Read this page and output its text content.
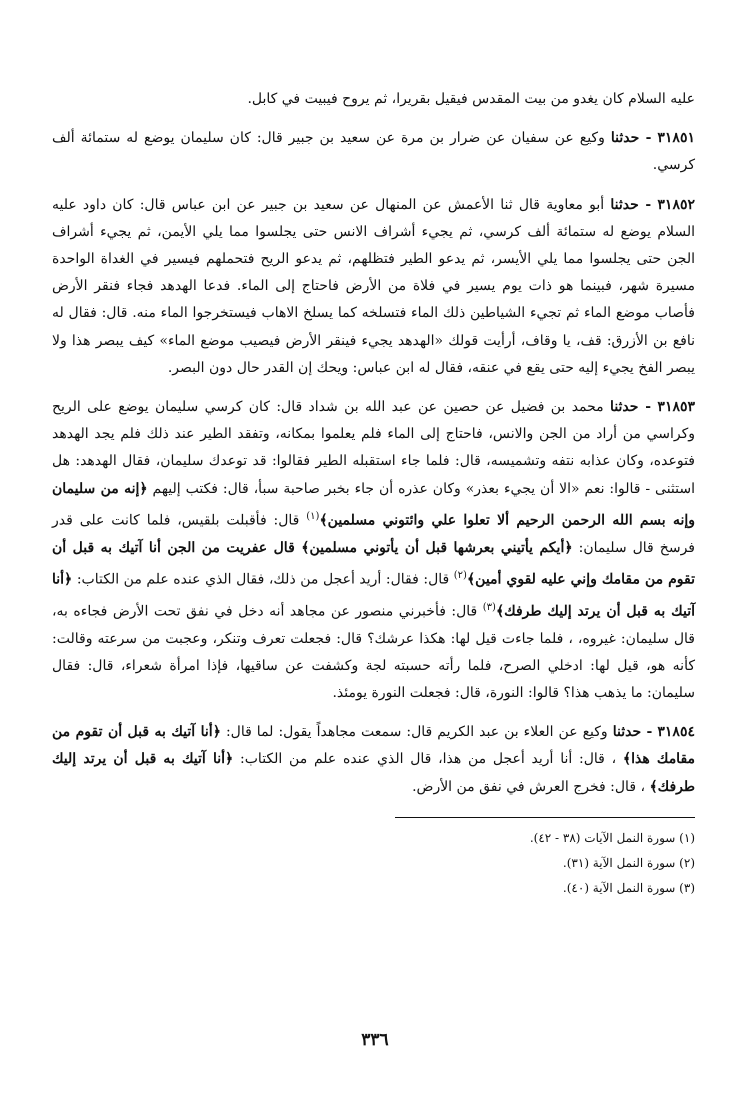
عليه السلام كان يغدو من بيت المقدس فيقيل بقريرا، ثم يروح فيبيت في كابل.

٣١٨٥١ - حدثنا وكيع عن سفيان عن ضرار بن مرة عن سعيد بن جبير قال: كان سليمان يوضع له ستمائة ألف كرسي.

٣١٨٥٢ - حدثنا أبو معاوية قال ثنا الأعمش عن المنهال عن سعيد بن جبير عن ابن عباس قال: كان داود عليه السلام يوضع له ستمائة ألف كرسي، ثم يجيء أشراف الانس حتى يجلسوا مما يلي الأيمن، ثم يجيء أشراف الجن حتى يجلسوا مما يلي الأيسر، ثم يدعو الطير فتظلهم، ثم يدعو الريح فتحملهم فيسير في الغداة الواحدة مسيرة شهر، فبينما هو ذات يوم يسير في فلاة من الأرض فاحتاج إلى الماء. فدعا الهدهد فجاء فنقر الأرض فأصاب موضع الماء ثم تجيء الشياطين ذلك الماء فتسلخه كما يسلخ الاهاب فيستخرجوا الماء منه. قال: فقال له نافع بن الأزرق: قف، يا وقاف، أرأيت قولك «الهدهد يجيء فينقر الأرض فيصيب موضع الماء» كيف يبصر هذا ولا يبصر الفخ يجيء إليه حتى يقع في عنقه، فقال له ابن عباس: ويحك إن القدر حال دون البصر.

٣١٨٥٣ - حدثنا محمد بن فضيل عن حصين عن عبد الله بن شداد قال: كان كرسي سليمان يوضع على الريح وكراسي من أراد من الجن والانس، فاحتاج إلى الماء فلم يعلموا بمكانه، وتفقد الطير عند ذلك فلم يجد الهدهد فتوعده، وكان عذابه نتفه وتشميسه، قال: فلما جاء استقبله الطير فقالوا: قد توعدك سليمان، فقال الهدهد: هل استثنى - قالوا: نعم «الا أن يجيء بعذر» وكان عذره أن جاء بخبر صاحبة سبأ، قال: فكتب إليهم ﴿إنه من سليمان وإنه بسم الله الرحمن الرحيم ألا تعلوا علي وائتوني مسلمين﴾$^{(١)}$ قال: فأقبلت بلقيس، فلما كانت على قدر فرسخ قال سليمان: ﴿أيكم يأتيني بعرشها قبل أن يأتوني مسلمين﴾ قال عفريت من الجن أنا آتيك به قبل أن تقوم من مقامك وإني عليه لقوي أمين﴾$^{(٢)}$ قال: فقال: أريد أعجل من ذلك، فقال الذي عنده علم من الكتاب: ﴿أنا آتيك به قبل أن يرتد إليك طرفك﴾$^{(٣)}$ قال: فأخبرني منصور عن مجاهد أنه دخل في نفق تحت الأرض فجاءه به، قال سليمان: غيروه، ، فلما جاءت قيل لها: هكذا عرشك؟ قال: فجعلت تعرف وتنكر، وعجبت من سرعته وقالت: كأنه هو، قيل لها: ادخلي الصرح، فلما رأته حسبته لجة وكشفت عن ساقيها، فإذا امرأة شعراء، قال: فقال سليمان: ما يذهب هذا؟ قالوا: النورة، قال: فجعلت النورة يومئذ.

٣١٨٥٤ - حدثنا وكيع عن العلاء بن عبد الكريم قال: سمعت مجاهداً يقول: لما قال: ﴿أنا آتيك به قبل أن تقوم من مقامك هذا﴾ ، قال: أنا أريد أعجل من هذا، قال الذي عنده علم من الكتاب: ﴿أنا آتيك به قبل أن يرتد إليك طرفك﴾ ، قال: فخرج العرش في نفق من الأرض.

(١) سورة النمل الآيات (٣٨ - ٤٢).

(٢) سورة النمل الآية (٣١).

(٣) سورة النمل الآية (٤٠).

٣٣٦
